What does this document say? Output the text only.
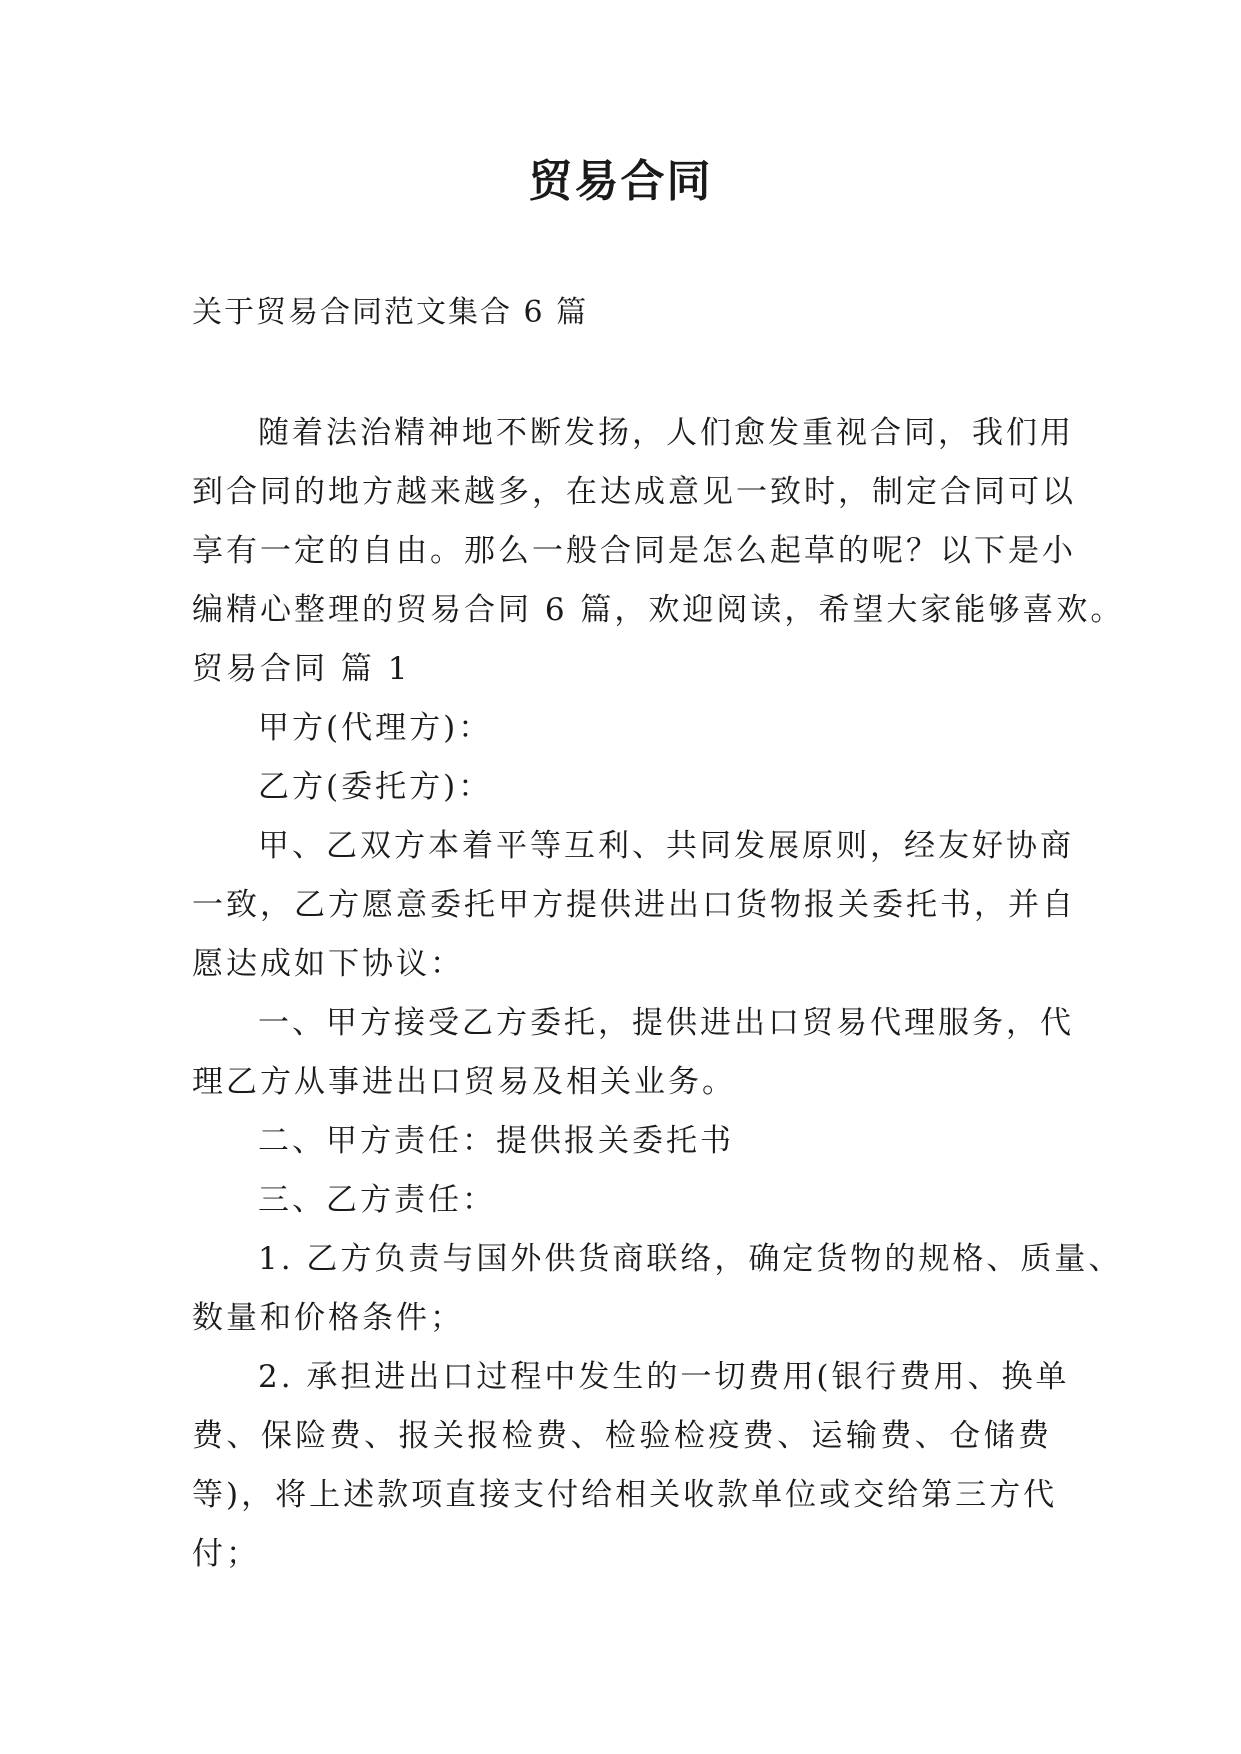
贸易合同
关于贸易合同范文集合 6 篇
随着法治精神地不断发扬，人们愈发重视合同，我们用
到合同的地方越来越多，在达成意见一致时，制定合同可以
享有一定的自由。那么一般合同是怎么起草的呢？以下是小
编精心整理的贸易合同 6 篇，欢迎阅读，希望大家能够喜欢。
贸易合同 篇 1
甲方(代理方)：
乙方(委托方)：
甲、乙双方本着平等互利、共同发展原则，经友好协商
一致，乙方愿意委托甲方提供进出口货物报关委托书，并自
愿达成如下协议：
一、甲方接受乙方委托，提供进出口贸易代理服务，代
理乙方从事进出口贸易及相关业务。
二、甲方责任：提供报关委托书
三、乙方责任：
1. 乙方负责与国外供货商联络，确定货物的规格、质量、
数量和价格条件；
2. 承担进出口过程中发生的一切费用(银行费用、换单
费、保险费、报关报检费、检验检疫费、运输费、仓储费
等)，将上述款项直接支付给相关收款单位或交给第三方代
付；
